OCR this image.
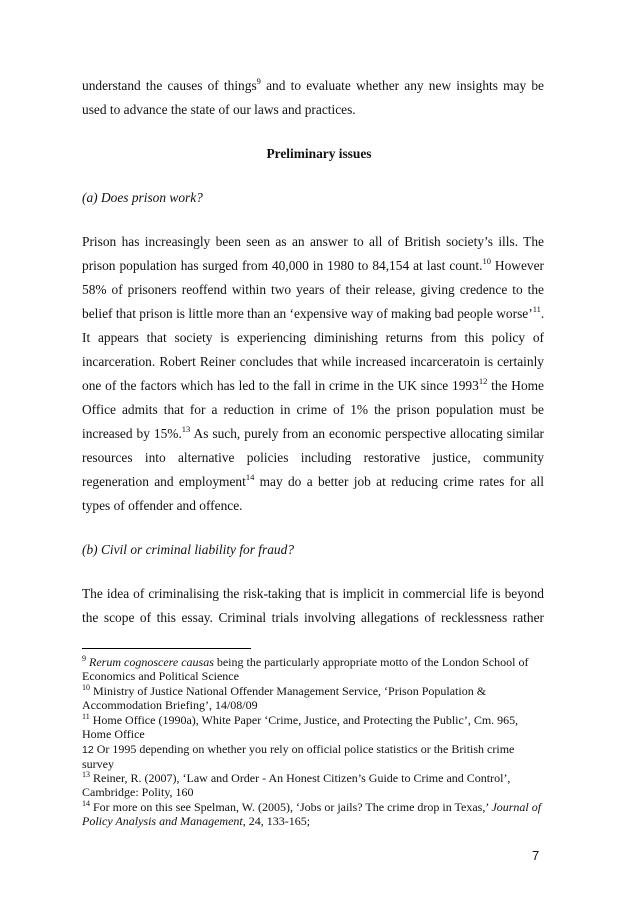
understand the causes of things$^9$ and to evaluate whether any new insights may be
used to advance the state of our laws and practices.
Preliminary issues
(a) Does prison work?
Prison has increasingly been seen as an answer to all of British society’s ills. The
prison population has surged from 40,000 in 1980 to 84,154 at last count.$^{10}$ However
58% of prisoners reoffend within two years of their release, giving credence to the
belief that prison is little more than an ‘expensive way of making bad people worse’$^{11}$.
It appears that society is experiencing diminishing returns from this policy of
incarceration. Robert Reiner concludes that while increased incarceratoin is certainly
one of the factors which has led to the fall in crime in the UK since 1993$^{12}$ the Home
Office admits that for a reduction in crime of 1% the prison population must be
increased by 15%.$^{13}$ As such, purely from an economic perspective allocating similar
resources into alternative policies including restorative justice, community
regeneration and employment$^{14}$ may do a better job at reducing crime rates for all
types of offender and offence.
(b) Civil or criminal liability for fraud?
The idea of criminalising the risk-taking that is implicit in commercial life is beyond
the scope of this essay. Criminal trials involving allegations of recklessness rather
$^9$ Rerum cognoscere causas being the particularly appropriate motto of the London School of Economics and Political Science
$^{10}$ Ministry of Justice National Offender Management Service, ‘Prison Population & Accommodation Briefing’, 14/08/09
$^{11}$ Home Office (1990a), White Paper ‘Crime, Justice, and Protecting the Public’, Cm. 965, Home Office
12 Or 1995 depending on whether you rely on official police statistics or the British crime survey
$^{13}$ Reiner, R. (2007), ‘Law and Order - An Honest Citizen’s Guide to Crime and Control’, Cambridge: Polity, 160
$^{14}$ For more on this see Spelman, W. (2005), ‘Jobs or jails? The crime drop in Texas,’ Journal of Policy Analysis and Management, 24, 133-165;
7
